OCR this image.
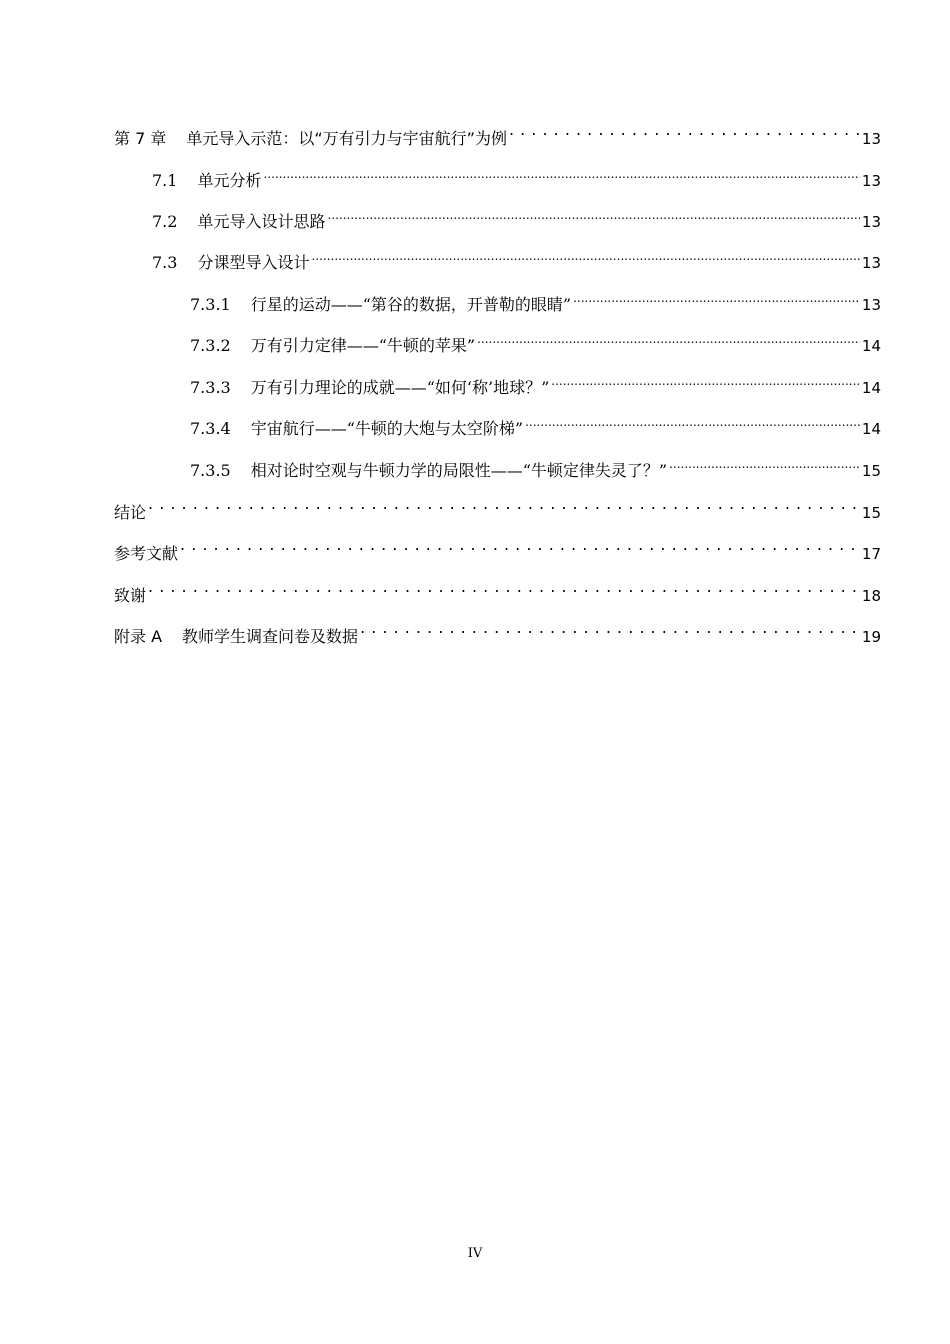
第 7 章 单元导入示范：以“万有引力与宇宙航行”为例 . . .	13
7.1 单元分析 .....	13
7.2 单元导入设计思路 .....	13
7.3 分课型导入设计 .....	13
7.3.1 行星的运动——“第谷的数据，开普勒的眼睛” .....	13
7.3.2 万有引力定律——“牛顿的苹果” .....	14
7.3.3 万有引力理论的成就——“如何‘称’地球？” .....	14
7.3.4 宇宙航行——“牛顿的大炮与太空阶梯” .....	14
7.3.5 相对论时空观与牛顿力学的局限性——“牛顿定律失灵了？” .....	15
结论 . . .	15
参考文献 . . .	17
致谢 . . .	18
附录 A 教师学生调查问卷及数据 . . .	19
IV
